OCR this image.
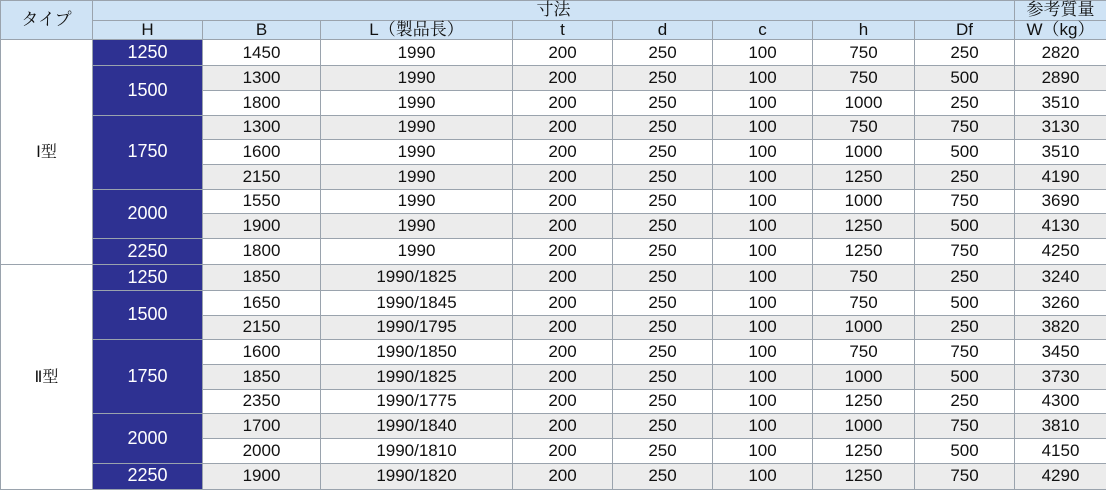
タイプ	寸法								参考質量
	H	B	L（製品長）	t	d	c	h	Df	W（kg）
Ⅰ型	1250	1450	1990	200	250	100	750	250	2820
	1500	1300	1990	200	250	100	750	500	2890
		1800	1990	200	250	100	1000	250	3510
	1750	1300	1990	200	250	100	750	750	3130
		1600	1990	200	250	100	1000	500	3510
		2150	1990	200	250	100	1250	250	4190
	2000	1550	1990	200	250	100	1000	750	3690
		1900	1990	200	250	100	1250	500	4130
	2250	1800	1990	200	250	100	1250	750	4250
Ⅱ型	1250	1850	1990/1825	200	250	100	750	250	3240
	1500	1650	1990/1845	200	250	100	750	500	3260
		2150	1990/1795	200	250	100	1000	250	3820
	1750	1600	1990/1850	200	250	100	750	750	3450
		1850	1990/1825	200	250	100	1000	500	3730
		2350	1990/1775	200	250	100	1250	250	4300
	2000	1700	1990/1840	200	250	100	1000	750	3810
		2000	1990/1810	200	250	100	1250	500	4150
	2250	1900	1990/1820	200	250	100	1250	750	4290
